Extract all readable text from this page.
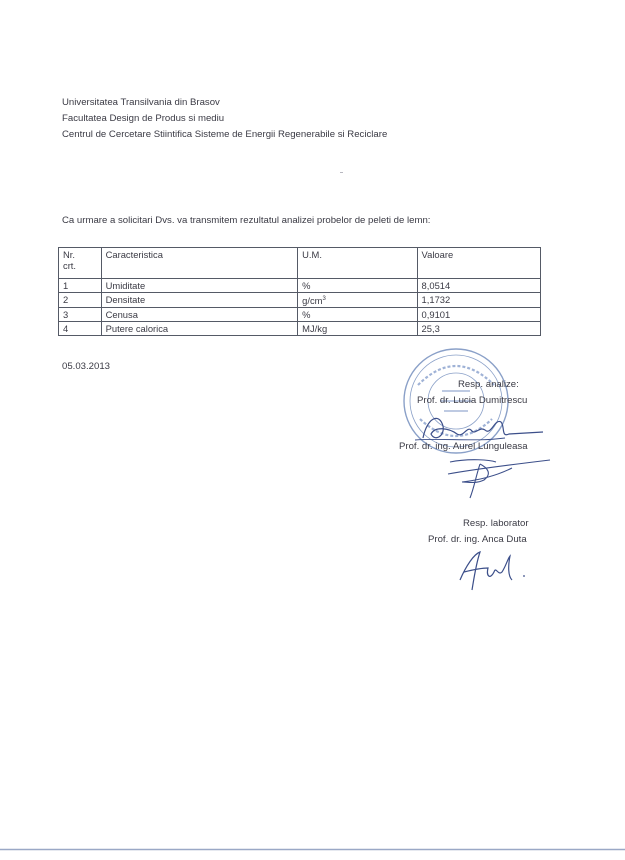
Universitatea Transilvania din Brasov
Facultatea Design de Produs si mediu
Centrul de Cercetare Stiintifica Sisteme de Energii Regenerabile si Reciclare
Ca urmare a solicitari Dvs. va transmitem rezultatul analizei probelor de peleti de lemn:
Nr.
crt.	Caracteristica	U.M.	Valoare
1	Umiditate	%	8,0514
2	Densitate	$g/cm^3$	1,1732
3	Cenusa	%	0,9101
4	Putere calorica	MJ/kg	25,3
05.03.2013
Resp. analize:
Prof. dr. Lucia Dumitrescu
Prof. dr. ing. Aurel Lunguleasa
Resp. laborator
Prof. dr. ing. Anca Duta
